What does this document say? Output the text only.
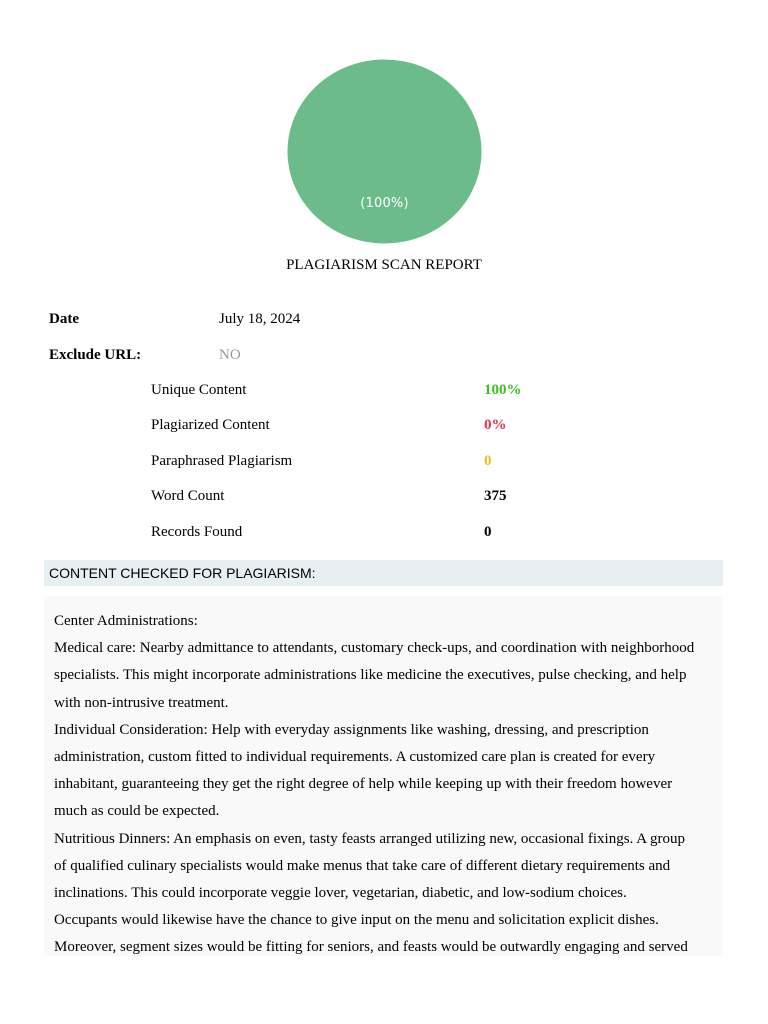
(100%)
PLAGIARISM SCAN REPORT
Date	July 18, 2024
Exclude URL:	NO
Unique Content	100%
Plagiarized Content	0%
Paraphrased Plagiarism	0
Word Count	375
Records Found	0
CONTENT CHECKED FOR PLAGIARISM:
Center Administrations:
Medical care: Nearby admittance to attendants, customary check-ups, and coordination with neighborhood
specialists. This might incorporate administrations like medicine the executives, pulse checking, and help
with non-intrusive treatment.
Individual Consideration: Help with everyday assignments like washing, dressing, and prescription
administration, custom fitted to individual requirements. A customized care plan is created for every
inhabitant, guaranteeing they get the right degree of help while keeping up with their freedom however
much as could be expected.
Nutritious Dinners: An emphasis on even, tasty feasts arranged utilizing new, occasional fixings. A group
of qualified culinary specialists would make menus that take care of different dietary requirements and
inclinations. This could incorporate veggie lover, vegetarian, diabetic, and low-sodium choices.
Occupants would likewise have the chance to give input on the menu and solicitation explicit dishes.
Moreover, segment sizes would be fitting for seniors, and feasts would be outwardly engaging and served
